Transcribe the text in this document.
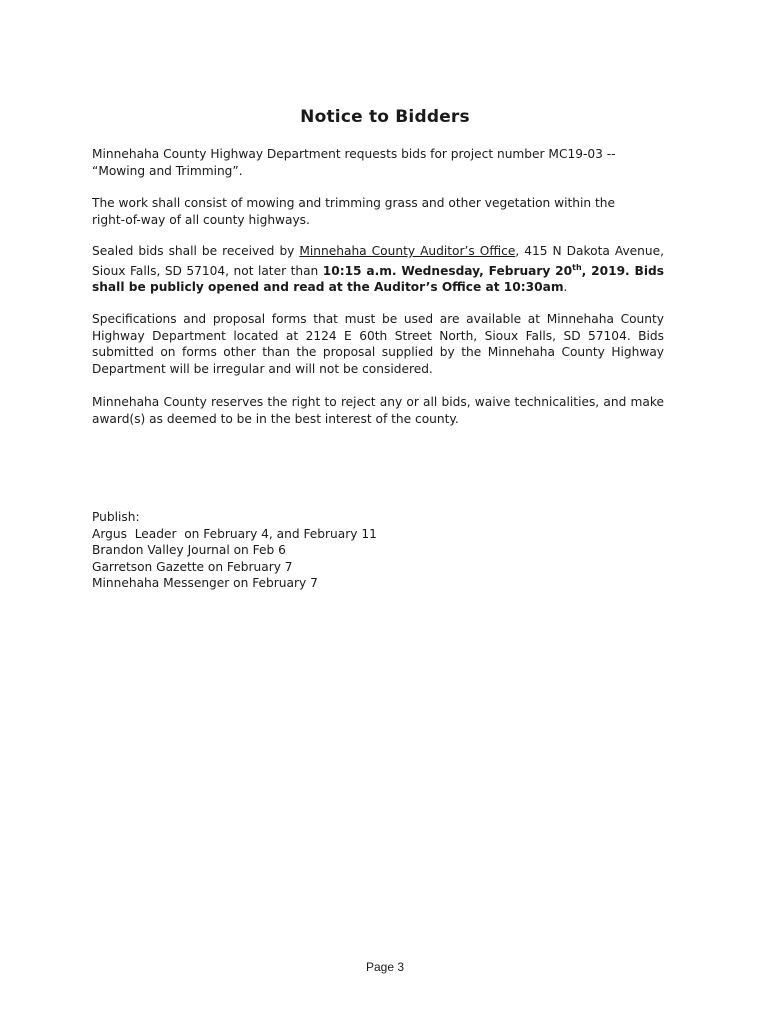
Notice to Bidders

Minnehaha County Highway Department requests bids for project number MC19-03 --
“Mowing and Trimming”.

The work shall consist of mowing and trimming grass and other vegetation within the
right-of-way of all county highways.

Sealed bids shall be received by Minnehaha County Auditor’s Office, 415 N Dakota Avenue, Sioux Falls, SD 57104, not later than 10:15 a.m. Wednesday, February 20th, 2019. Bids shall be publicly opened and read at the Auditor’s Office at 10:30am.

Specifications and proposal forms that must be used are available at Minnehaha County Highway Department located at 2124 E 60th Street North, Sioux Falls, SD 57104. Bids submitted on forms other than the proposal supplied by the Minnehaha County Highway Department will be irregular and will not be considered.

Minnehaha County reserves the right to reject any or all bids, waive technicalities, and make award(s) as deemed to be in the best interest of the county.

Publish:
Argus  Leader  on February 4, and February 11
Brandon Valley Journal on Feb 6
Garretson Gazette on February 7
Minnehaha Messenger on February 7
Page 3
